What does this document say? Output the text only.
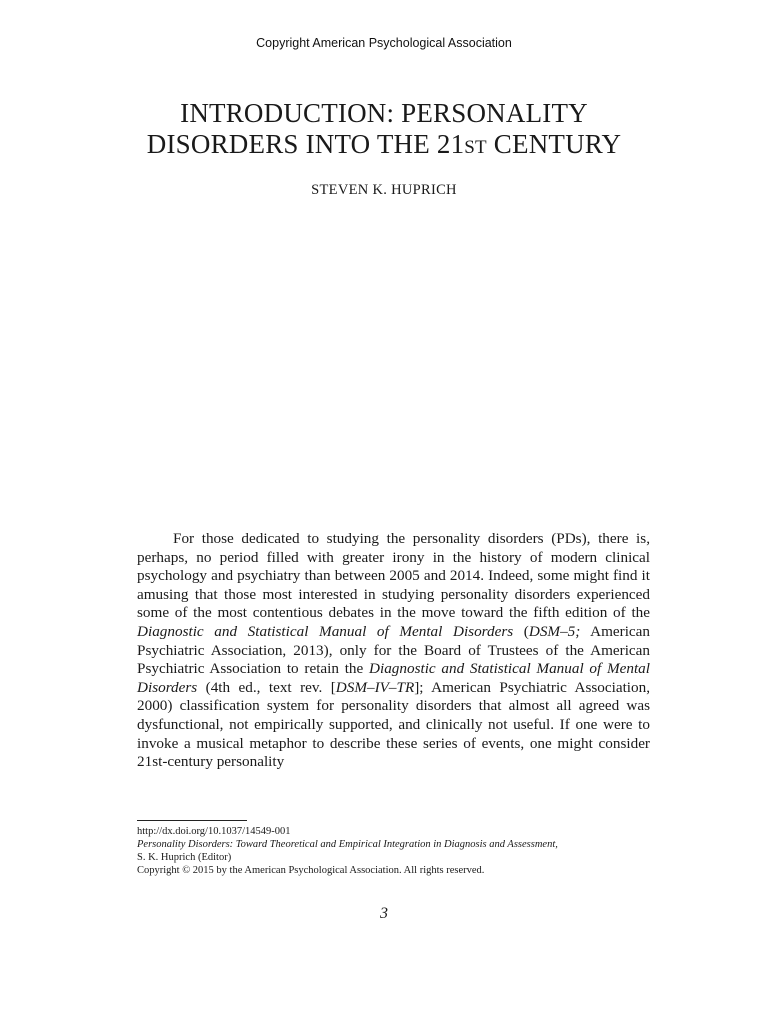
Copyright American Psychological Association
INTRODUCTION: PERSONALITY
DISORDERS INTO THE 21st CENTURY
STEVEN K. HUPRICH

For those dedicated to studying the personality disorders (PDs), there is, perhaps, no period filled with greater irony in the history of modern clinical psychology and psychiatry than between 2005 and 2014. Indeed, some might find it amusing that those most interested in studying personality disorders experienced some of the most contentious debates in the move toward the fifth edition of the Diagnostic and Statistical Manual of Mental Disorders (DSM–5; American Psychiatric Association, 2013), only for the Board of Trustees of the American Psychiatric Association to retain the Diagnostic and Statistical Manual of Mental Disorders (4th ed., text rev. [DSM–IV–TR]; American Psychiatric Association, 2000) classification system for personality disorders that almost all agreed was dysfunctional, not empirically supported, and clinically not useful. If one were to invoke a musical metaphor to describe these series of events, one might consider 21st-century personality

http://dx.doi.org/10.1037/14549-001
Personality Disorders: Toward Theoretical and Empirical Integration in Diagnosis and Assessment,
S. K. Huprich (Editor)
Copyright © 2015 by the American Psychological Association. All rights reserved.
3
